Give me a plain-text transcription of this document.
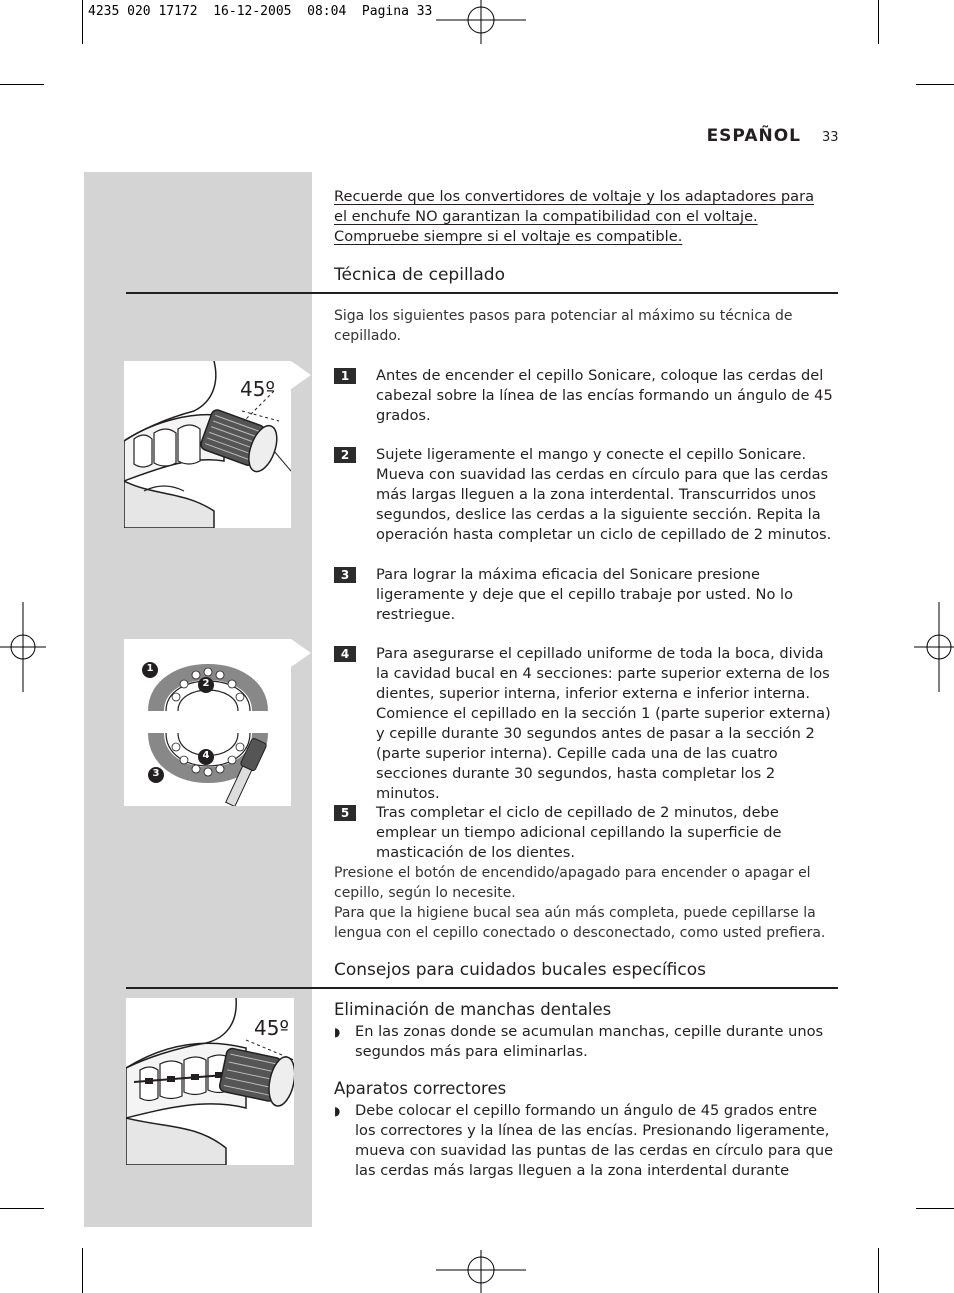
4235 020 17172  16-12-2005  08:04  Pagina 33
ESPAÑOL 33
45º
1
2
3
4
45º
Recuerde que los convertidores de voltaje y los adaptadores para el enchufe NO garantizan la compatibilidad con el voltaje. Compruebe siempre si el voltaje es compatible.
Técnica de cepillado
Siga los siguientes pasos para potenciar al máximo su técnica de cepillado.
1	Antes de encender el cepillo Sonicare, coloque las cerdas del cabezal sobre la línea de las encías formando un ángulo de 45 grados.
2	Sujete ligeramente el mango y conecte el cepillo Sonicare. Mueva con suavidad las cerdas en círculo para que las cerdas más largas lleguen a la zona interdental. Transcurridos unos segundos, deslice las cerdas a la siguiente sección. Repita la operación hasta completar un ciclo de cepillado de 2 minutos.
3	Para lograr la máxima eficacia del Sonicare presione ligeramente y deje que el cepillo trabaje por usted. No lo restriegue.
4	Para asegurarse el cepillado uniforme de toda la boca, divida la cavidad bucal en 4 secciones: parte superior externa de los dientes, superior interna, inferior externa e inferior interna. Comience el cepillado en la sección 1 (parte superior externa) y cepille durante 30 segundos antes de pasar a la sección 2 (parte superior interna). Cepille cada una de las cuatro secciones durante 30 segundos, hasta completar los 2 minutos.
5	Tras completar el ciclo de cepillado de 2 minutos, debe emplear un tiempo adicional cepillando la superficie de masticación de los dientes.
Presione el botón de encendido/apagado para encender o apagar el cepillo, según lo necesite.
Para que la higiene bucal sea aún más completa, puede cepillarse la lengua con el cepillo conectado o desconectado, como usted prefiera.
Consejos para cuidados bucales específicos
Eliminación de manchas dentales
◗ En las zonas donde se acumulan manchas, cepille durante unos segundos más para eliminarlas.
Aparatos correctores
◗ Debe colocar el cepillo formando un ángulo de 45 grados entre los correctores y la línea de las encías. Presionando ligeramente, mueva con suavidad las puntas de las cerdas en círculo para que las cerdas más largas lleguen a la zona interdental durante
